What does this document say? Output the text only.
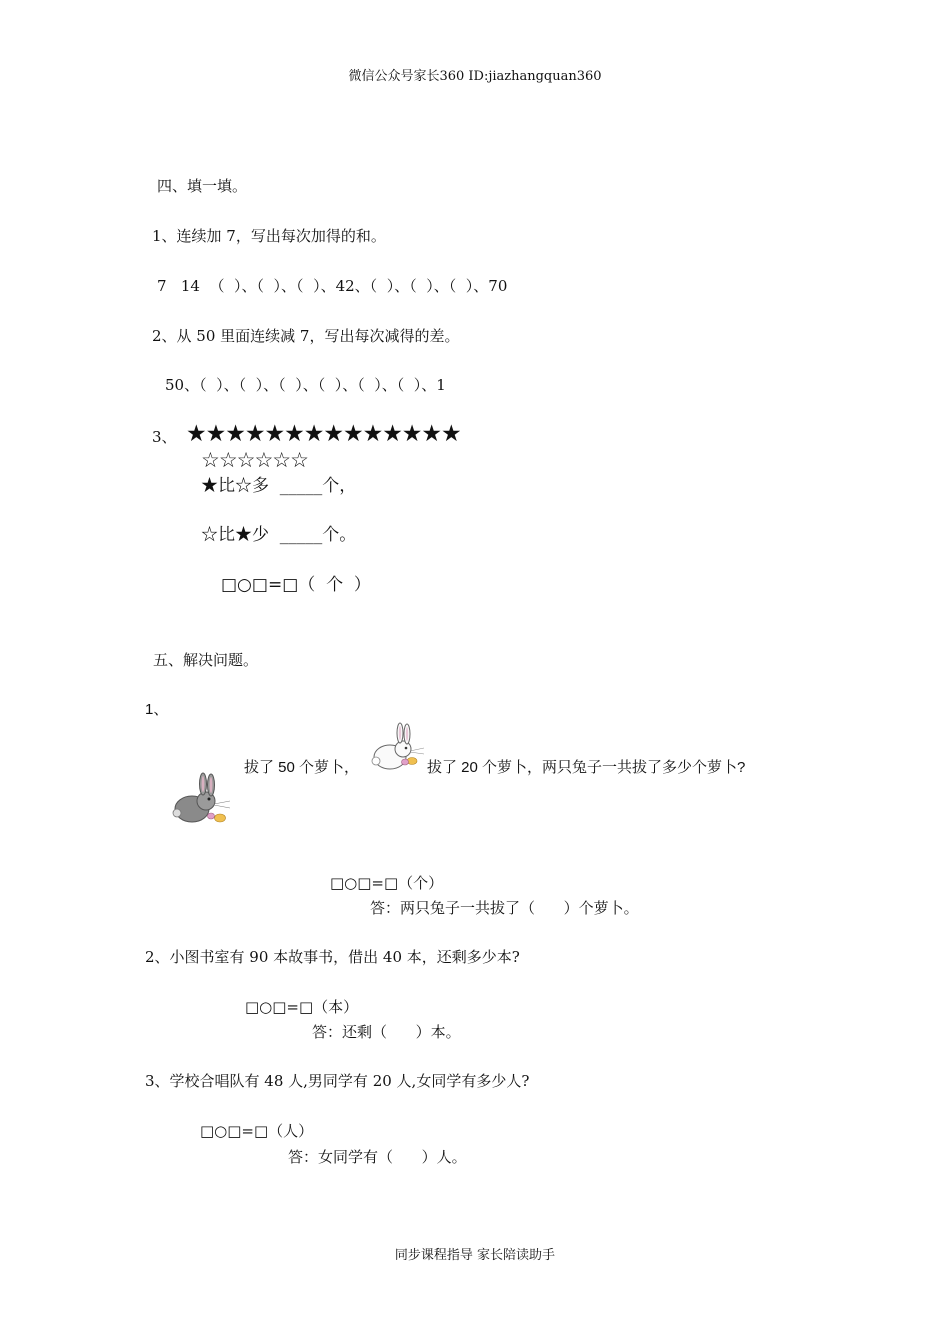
微信公众号家长360 ID:jiazhangquan360
四、填一填。
1、连续加 7，写出每次加得的和。
7   14  （  ）、（  ）、（  ）、42、（  ）、（  ）、（  ）、70
2、从 50 里面连续减 7，写出每次减得的差。
50、（  ）、（  ）、（  ）、（  ）、（  ）、（  ）、1
3、 ★★★★★★★★★★★★★★
☆☆☆☆☆☆
★比☆多  _____个，
☆比★少  _____个。
□○□=□（  个  ）
五、解决问题。
1、
拔了 50 个萝卜，	拔了 20 个萝卜，两只兔子一共拔了多少个萝卜?
□○□=□（个）
答：两只兔子一共拔了（      ）个萝卜。
2、小图书室有 90 本故事书，借出 40 本，还剩多少本?
□○□=□（本）
答：还剩（      ）本。
3、学校合唱队有 48 人,男同学有 20 人,女同学有多少人?
□○□=□（人）
答：女同学有（      ）人。
同步课程指导 家长陪读助手
